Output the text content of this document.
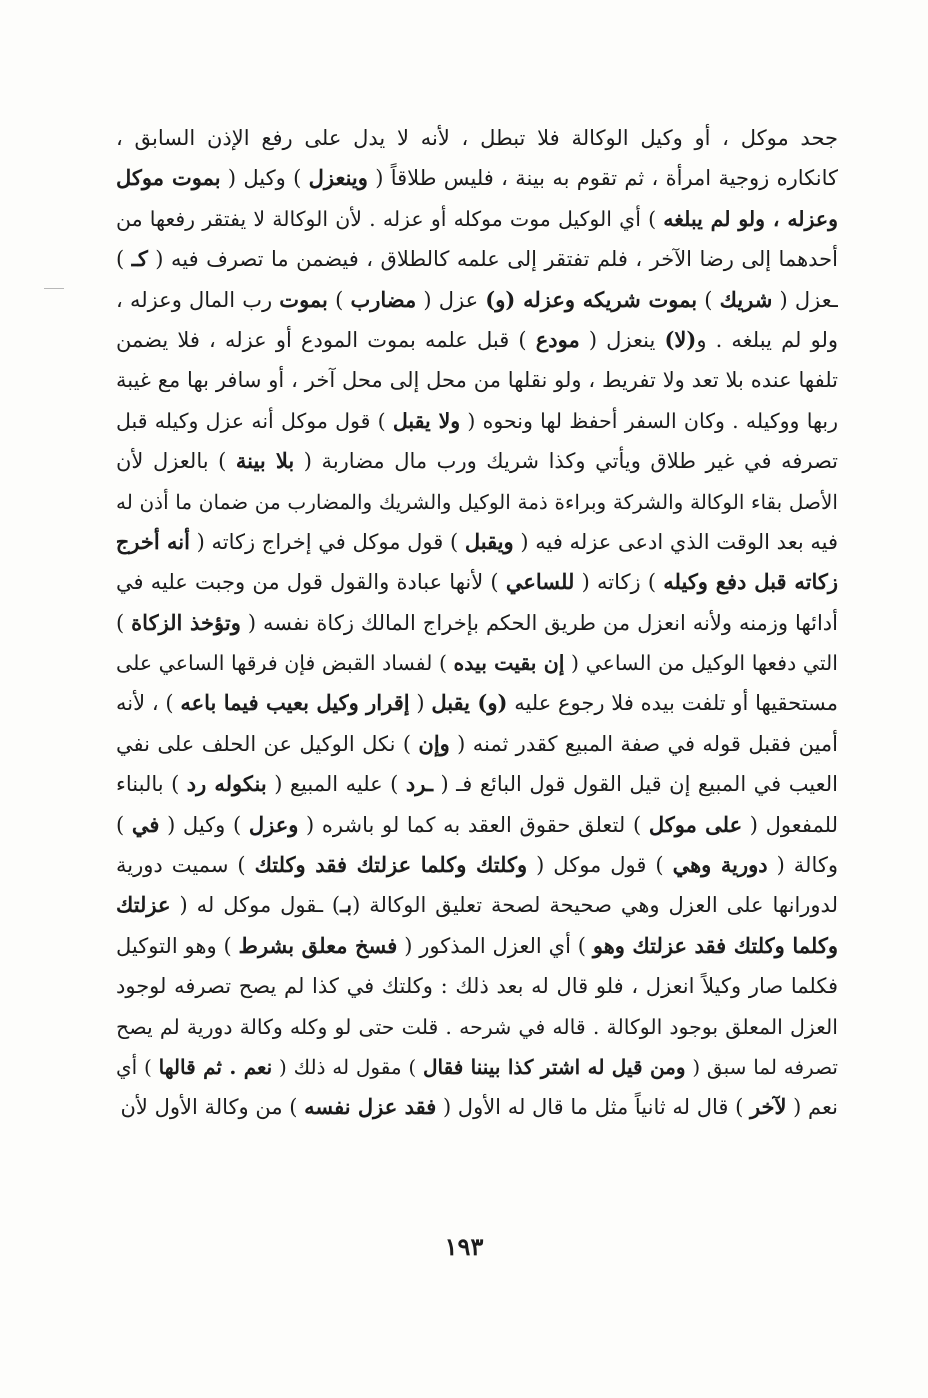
جحد موكل ، أو وكيل الوكالة فلا تبطل ، لأنه لا يدل على رفع الإذن السابق ،
كانكاره زوجية امرأة ، ثم تقوم به بينة ، فليس طلاقاً ( وينعزل ) وكيل ( بموت موكل
وعزله ، ولو لم يبلغه ) أي الوكيل موت موكله أو عزله . لأن الوكالة لا يفتقر رفعها من
أحدهما إلى رضا الآخر ، فلم تفتقر إلى علمه كالطلاق ، فيضمن ما تصرف فيه ( كـ )
ـعزل ( شريك ) بموت شريكه وعزله (و) عزل ( مضارب ) بموت رب المال وعزله ،
ولو لم يبلغه . و(لا) ينعزل ( مودع ) قبل علمه بموت المودع أو عزله ، فلا يضمن
تلفها عنده بلا تعد ولا تفريط ، ولو نقلها من محل إلى محل آخر ، أو سافر بها مع غيبة
ربها ووكيله . وكان السفر أحفظ لها ونحوه ( ولا يقبل ) قول موكل أنه عزل وكيله قبل
تصرفه في غير طلاق ويأتي وكذا شريك ورب مال مضاربة ( بلا بينة ) بالعزل لأن
الأصل بقاء الوكالة والشركة وبراءة ذمة الوكيل والشريك والمضارب من ضمان ما أذن له
فيه بعد الوقت الذي ادعى عزله فيه ( ويقبل ) قول موكل في إخراج زكاته ( أنه أخرج
زكاته قبل دفع وكيله ) زكاته ( للساعي ) لأنها عبادة والقول قول من وجبت عليه في
أدائها وزمنه ولأنه انعزل من طريق الحكم بإخراج المالك زكاة نفسه ( وتؤخذ الزكاة )
التي دفعها الوكيل من الساعي ( إن بقيت بيده ) لفساد القبض فإن فرقها الساعي على
مستحقيها أو تلفت بيده فلا رجوع عليه (و) يقبل ( إقرار وكيل بعيب فيما باعه ) ، لأنه
أمين فقبل قوله في صفة المبيع كقدر ثمنه ( وإن ) نكل الوكيل عن الحلف على نفي
العيب في المبيع إن قيل القول قول البائع فـ ( ـرد ) عليه المبيع ( بنكوله رد ) بالبناء
للمفعول ( على موكل ) لتعلق حقوق العقد به كما لو باشره ( وعزل ) وكيل ( في )
وكالة ( دورية وهي ) قول موكل ( وكلتك وكلما عزلتك فقد وكلتك ) سميت دورية
لدورانها على العزل وهي صحيحة لصحة تعليق الوكالة (بـ) ـقول موكل له ( عزلتك
وكلما وكلتك فقد عزلتك وهو ) أي العزل المذكور ( فسخ معلق بشرط ) وهو التوكيل
فكلما صار وكيلاً انعزل ، فلو قال له بعد ذلك : وكلتك في كذا لم يصح تصرفه لوجود
العزل المعلق بوجود الوكالة . قاله في شرحه . قلت حتى لو وكله وكالة دورية لم يصح
تصرفه لما سبق ( ومن قيل له اشتر كذا بيننا فقال ) مقول له ذلك ( نعم . ثم قالها ) أي
نعم ( لآخر ) قال له ثانياً مثل ما قال له الأول ( فقد عزل نفسه ) من وكالة الأول لأن
١٩٣
